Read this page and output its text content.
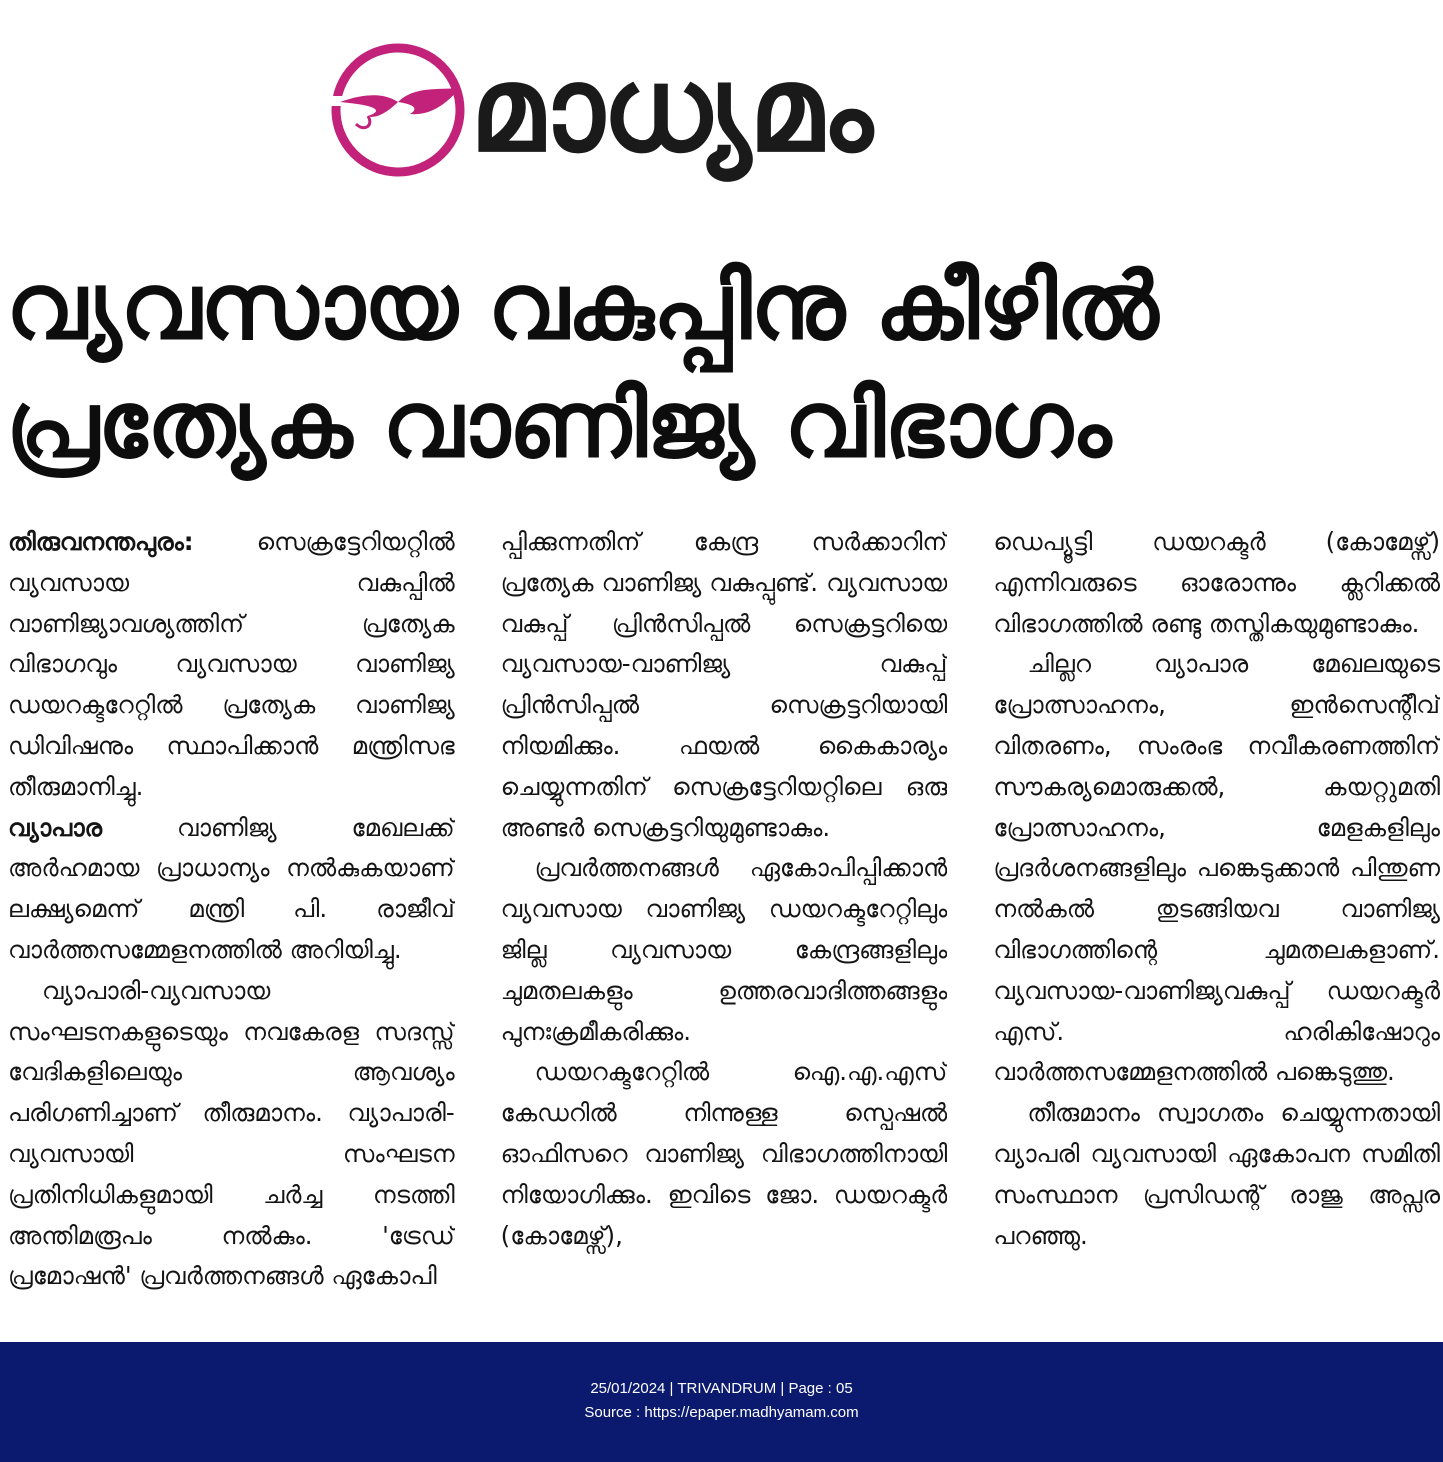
മാധ്യമം
വ്യവസായ വകുപ്പിനു കീഴിൽ
പ്രത്യേക വാണിജ്യ വിഭാഗം

തിരുവനന്തപുരം: സെക്രട്ടേറിയറ്റിൽ വ്യവസായ വകുപ്പിൽ വാണിജ്യാവശ്യത്തിന് പ്രത്യേക വിഭാഗവും വ്യവസായ വാണിജ്യ ഡയറക്ടറേറ്റിൽ പ്രത്യേക വാണിജ്യ ഡിവിഷനും സ്ഥാപിക്കാൻ മന്ത്രിസഭ തീരുമാനിച്ചു.

വ്യാപാര വാണിജ്യ മേഖലക്ക് അർഹമായ പ്രാധാന്യം നൽകുകയാണ് ലക്ഷ്യമെന്ന് മന്ത്രി പി. രാജീവ് വാർത്തസമ്മേളനത്തിൽ അറിയിച്ചു.

വ്യാപാരി-വ്യവസായ സംഘടനകളുടെയും നവകേരള സദസ്സ് വേദികളിലെയും ആവശ്യം പരിഗണിച്ചാണ് തീരുമാനം. വ്യാപാരി-വ്യവസായി സംഘടന പ്രതിനിധികളുമായി ചർച്ച നടത്തി അന്തിമരൂപം നൽകും. 'ട്രേഡ് പ്രമോഷൻ' പ്രവർത്തനങ്ങൾ ഏകോപി

പ്പിക്കുന്നതിന് കേന്ദ്ര സർക്കാറിന് പ്രത്യേക വാണിജ്യ വകുപ്പുണ്ട്. വ്യവസായ വകുപ്പ് പ്രിൻസിപ്പൽ സെക്രട്ടറിയെ വ്യവസായ-വാണിജ്യ വകുപ്പ് പ്രിൻസിപ്പൽ സെക്രട്ടറിയായി നിയമിക്കും. ഫയൽ കൈകാര്യം ചെയ്യുന്നതിന് സെക്രട്ടേറിയറ്റിലെ ഒരു അണ്ടർ സെക്രട്ടറിയുമുണ്ടാകും.

പ്രവർത്തനങ്ങൾ ഏകോപിപ്പിക്കാൻ വ്യവസായ വാണിജ്യ ഡയറക്ടറേറ്റിലും ജില്ല വ്യവസായ കേന്ദ്രങ്ങളിലും ചുമതലകളും ഉത്തരവാദിത്തങ്ങളും പുനഃക്രമീകരിക്കും.

ഡയറക്ടറേറ്റിൽ ഐ.എ.എസ് കേഡറിൽ നിന്നുള്ള സ്പെഷൽ ഓഫിസറെ വാണിജ്യ വിഭാഗത്തിനായി നിയോഗിക്കും. ഇവിടെ ജോ. ഡയറക്ടർ (കോമേഴ്സ്),

ഡെപ്യൂട്ടി ഡയറക്ടർ (കോമേഴ്സ്) എന്നിവരുടെ ഓരോന്നും ക്ലറിക്കൽ വിഭാഗത്തിൽ രണ്ടു തസ്തികയുമുണ്ടാകും.

ചില്ലറ വ്യാപാര മേഖലയുടെ പ്രോത്സാഹനം, ഇൻസെന്റീവ് വിതരണം, സംരംഭ നവീകരണത്തിന് സൗകര്യമൊരുക്കൽ, കയറ്റുമതി പ്രോത്സാഹനം, മേളകളിലും പ്രദർശനങ്ങളിലും പങ്കെടുക്കാൻ പിന്തുണ നൽകൽ തുടങ്ങിയവ വാണിജ്യ വിഭാഗത്തിന്റെ ചുമതലകളാണ്. വ്യവസായ-വാണിജ്യവകുപ്പ് ഡയറക്ടർ എസ്. ഹരികിഷോറും വാർത്തസമ്മേളനത്തിൽ പങ്കെടുത്തു.

തീരുമാനം സ്വാഗതം ചെയ്യുന്നതായി വ്യാപരി വ്യവസായി ഏകോപന സമിതി സംസ്ഥാന പ്രസിഡന്റ് രാജു അപ്സര പറഞ്ഞു.

25/01/2024 | TRIVANDRUM | Page : 05
Source : https://epaper.madhyamam.com
